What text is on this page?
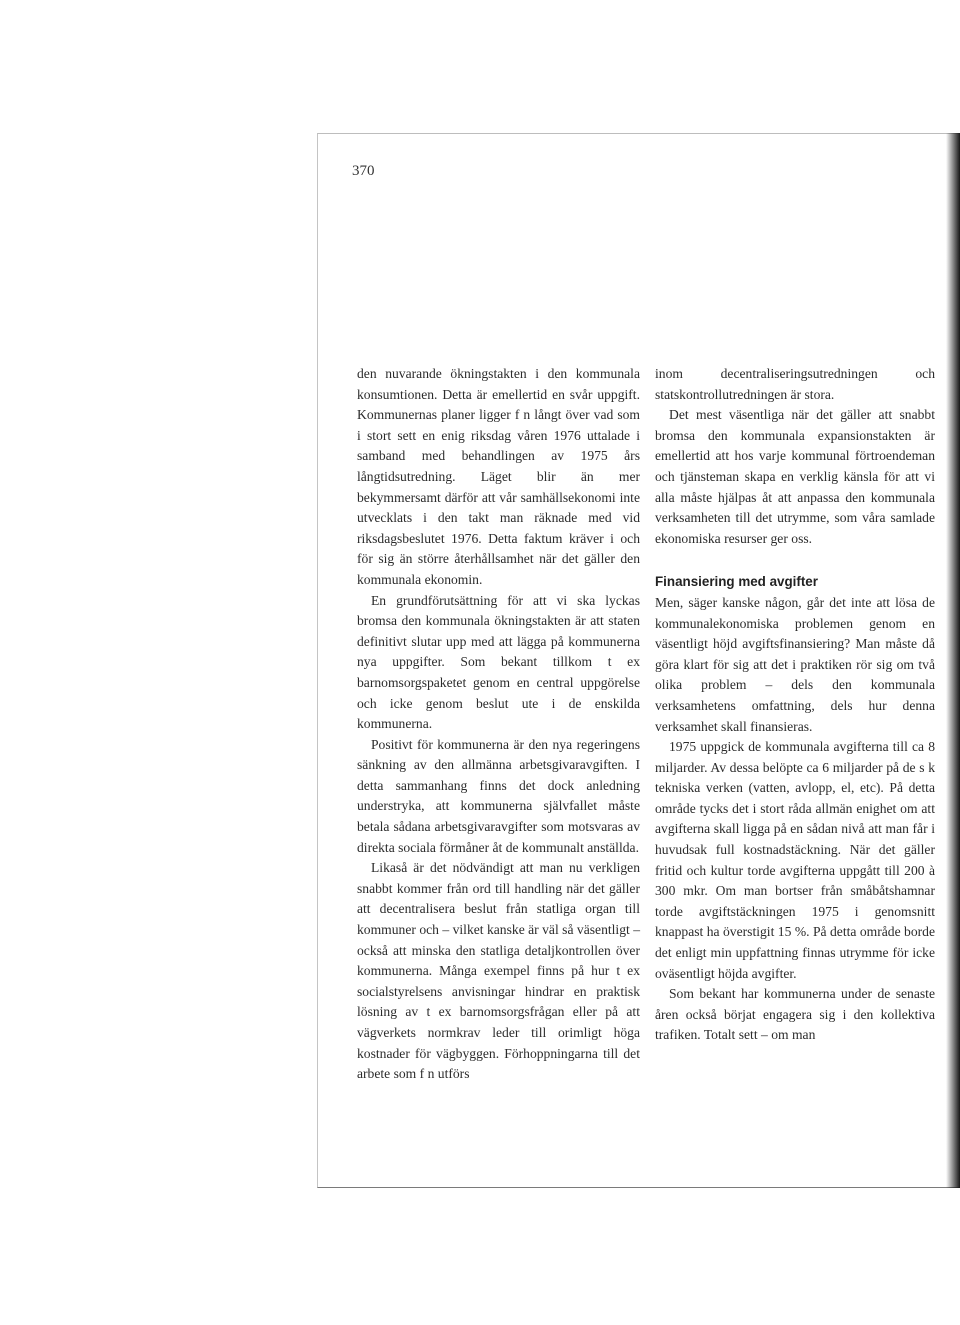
370

den nuvarande ökningstakten i den kommunala konsumtionen. Detta är emellertid en svår uppgift. Kommunernas planer ligger f n långt över vad som i stort sett en enig riksdag våren 1976 uttalade i samband med behandlingen av 1975 års långtidsutredning. Läget blir än mer bekymmersamt därför att vår samhällsekonomi inte utvecklats i den takt man räknade med vid riksdagsbeslutet 1976. Detta faktum kräver i och för sig än större återhållsamhet när det gäller den kommunala ekonomin.

En grundförutsättning för att vi ska lyckas bromsa den kommunala ökningstakten är att staten definitivt slutar upp med att lägga på kommunerna nya uppgifter. Som bekant tillkom t ex barnomsorgspaketet genom en central uppgörelse och icke genom beslut ute i de enskilda kommunerna.

Positivt för kommunerna är den nya regeringens sänkning av den allmänna arbetsgivaravgiften. I detta sammanhang finns det dock anledning understryka, att kommunerna självfallet måste betala sådana arbetsgivaravgifter som motsvaras av direkta sociala förmåner åt de kommunalt anställda.

Likaså är det nödvändigt att man nu verkligen snabbt kommer från ord till handling när det gäller att decentralisera beslut från statliga organ till kommuner och – vilket kanske är väl så väsentligt – också att minska den statliga detaljkontrollen över kommunerna. Många exempel finns på hur t ex socialstyrelsens anvisningar hindrar en praktisk lösning av t ex barnomsorgsfrågan eller på att vägverkets normkrav leder till orimligt höga kostnader för vägbyggen. Förhoppningarna till det arbete som f n utförs

inom decentraliseringsutredningen och statskontrollutredningen är stora.

Det mest väsentliga när det gäller att snabbt bromsa den kommunala expansionstakten är emellertid att hos varje kommunal förtroendeman och tjänsteman skapa en verklig känsla för att vi alla måste hjälpas åt att anpassa den kommunala verksamheten till det utrymme, som våra samlade ekonomiska resurser ger oss.

Finansiering med avgifter

Men, säger kanske någon, går det inte att lösa de kommunalekonomiska problemen genom en väsentligt höjd avgiftsfinansiering? Man måste då göra klart för sig att det i praktiken rör sig om två olika problem – dels den kommunala verksamhetens omfattning, dels hur denna verksamhet skall finansieras.

1975 uppgick de kommunala avgifterna till ca 8 miljarder. Av dessa belöpte ca 6 miljarder på de s k tekniska verken (vatten, avlopp, el, etc). På detta område tycks det i stort råda allmän enighet om att avgifterna skall ligga på en sådan nivå att man får i huvudsak full kostnadstäckning. När det gäller fritid och kultur torde avgifterna uppgått till 200 à 300 mkr. Om man bortser från småbåtshamnar torde avgiftstäckningen 1975 i genomsnitt knappast ha överstigit 15 %. På detta område borde det enligt min uppfattning finnas utrymme för icke oväsentligt höjda avgifter.

Som bekant har kommunerna under de senaste åren också börjat engagera sig i den kollektiva trafiken. Totalt sett – om man
